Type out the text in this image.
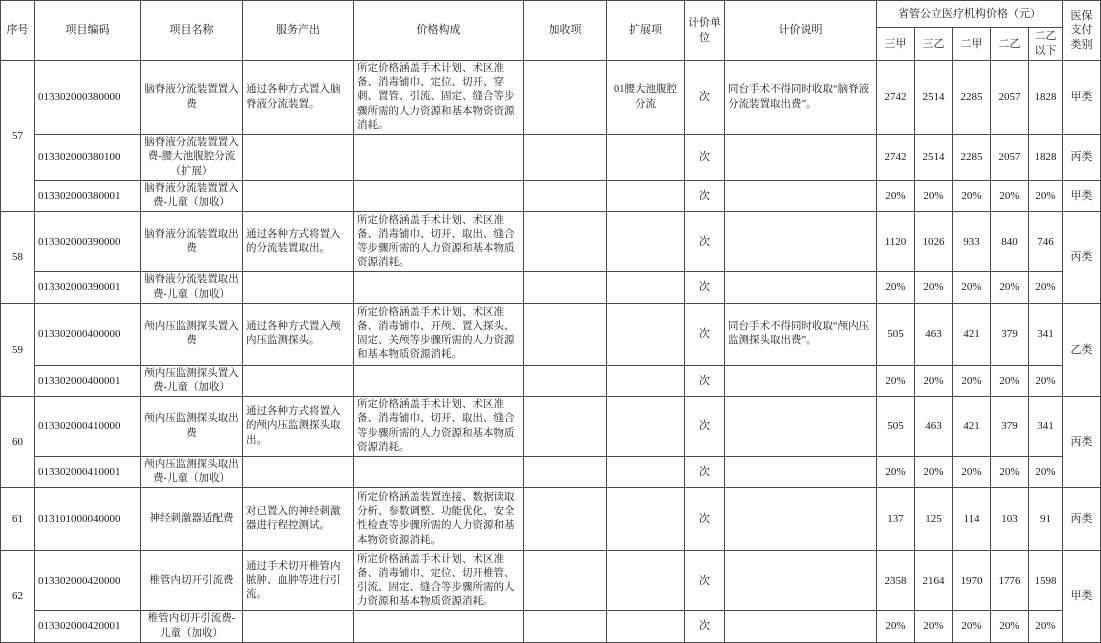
序号	项目编码	项目名称	服务产出	价格构成	加收项	扩展项	计价单位	计价说明	省管公立医疗机构价格（元）					医保支付类别
									三甲	三乙	二甲	二乙	二乙以下	
57	013302000380000	脑脊液分流装置置入费	通过各种方式置入脑脊液分流装置。	所定价格涵盖手术计划、术区准备、消毒铺巾、定位、切开、穿刺、置管、引流、固定、缝合等步骤所需的人力资源和基本物资资源消耗。		01腰大池腹腔分流	次	同台手术不得同时收取“脑脊液分流装置取出费”。	2742	2514	2285	2057	1828	甲类
	013302000380100	脑脊液分流装置置入费-腰大池腹腔分流（扩展）					次		2742	2514	2285	2057	1828	丙类
	013302000380001	脑脊液分流装置置入费-儿童（加收）					次		20%	20%	20%	20%	20%	甲类
58	013302000390000	脑脊液分流装置取出费	通过各种方式将置入的分流装置取出。	所定价格涵盖手术计划、术区准备、消毒铺巾、切开、取出、缝合等步骤所需的人力资源和基本物质资源消耗。			次		1120	1026	933	840	746	丙类
	013302000390001	脑脊液分流装置取出费-儿童（加收）					次		20%	20%	20%	20%	20%	
59	013302000400000	颅内压监测探头置入费	通过各种方式置入颅内压监测探头。	所定价格涵盖手术计划、术区准备、消毒铺巾、开颅、置入探头、固定、关颅等步骤所需的人力资源和基本物质资源消耗。			次	同台手术不得同时收取“颅内压监测探头取出费”。	505	463	421	379	341	乙类
	013302000400001	颅内压监测探头置入费-儿童（加收）					次		20%	20%	20%	20%	20%	
60	013302000410000	颅内压监测探头取出费	通过各种方式将置入的颅内压监测探头取出。	所定价格涵盖手术计划、术区准备、消毒铺巾、切开、取出、缝合等步骤所需的人力资源和基本物质资源消耗。			次		505	463	421	379	341	丙类
	013302000410001	颅内压监测探头取出费-儿童（加收）					次		20%	20%	20%	20%	20%	
61	013101000040000	神经刺激器适配费	对已置入的神经刺激器进行程控测试。	所定价格涵盖装置连接、数据读取分析、参数调整、功能优化、安全性检查等步骤所需的人力资源和基本物资资源消耗。			次		137	125	114	103	91	丙类
62	013302000420000	椎管内切开引流费	通过手术切开椎管内脓肿、血肿等进行引流。	所定价格涵盖手术计划、术区准备、消毒铺巾、定位、切开椎管、引流、固定、缝合等步骤所需的人力资源和基本物质资源消耗。			次		2358	2164	1970	1776	1598	甲类
	013302000420001	椎管内切开引流费-儿童（加收）					次		20%	20%	20%	20%	20%	
